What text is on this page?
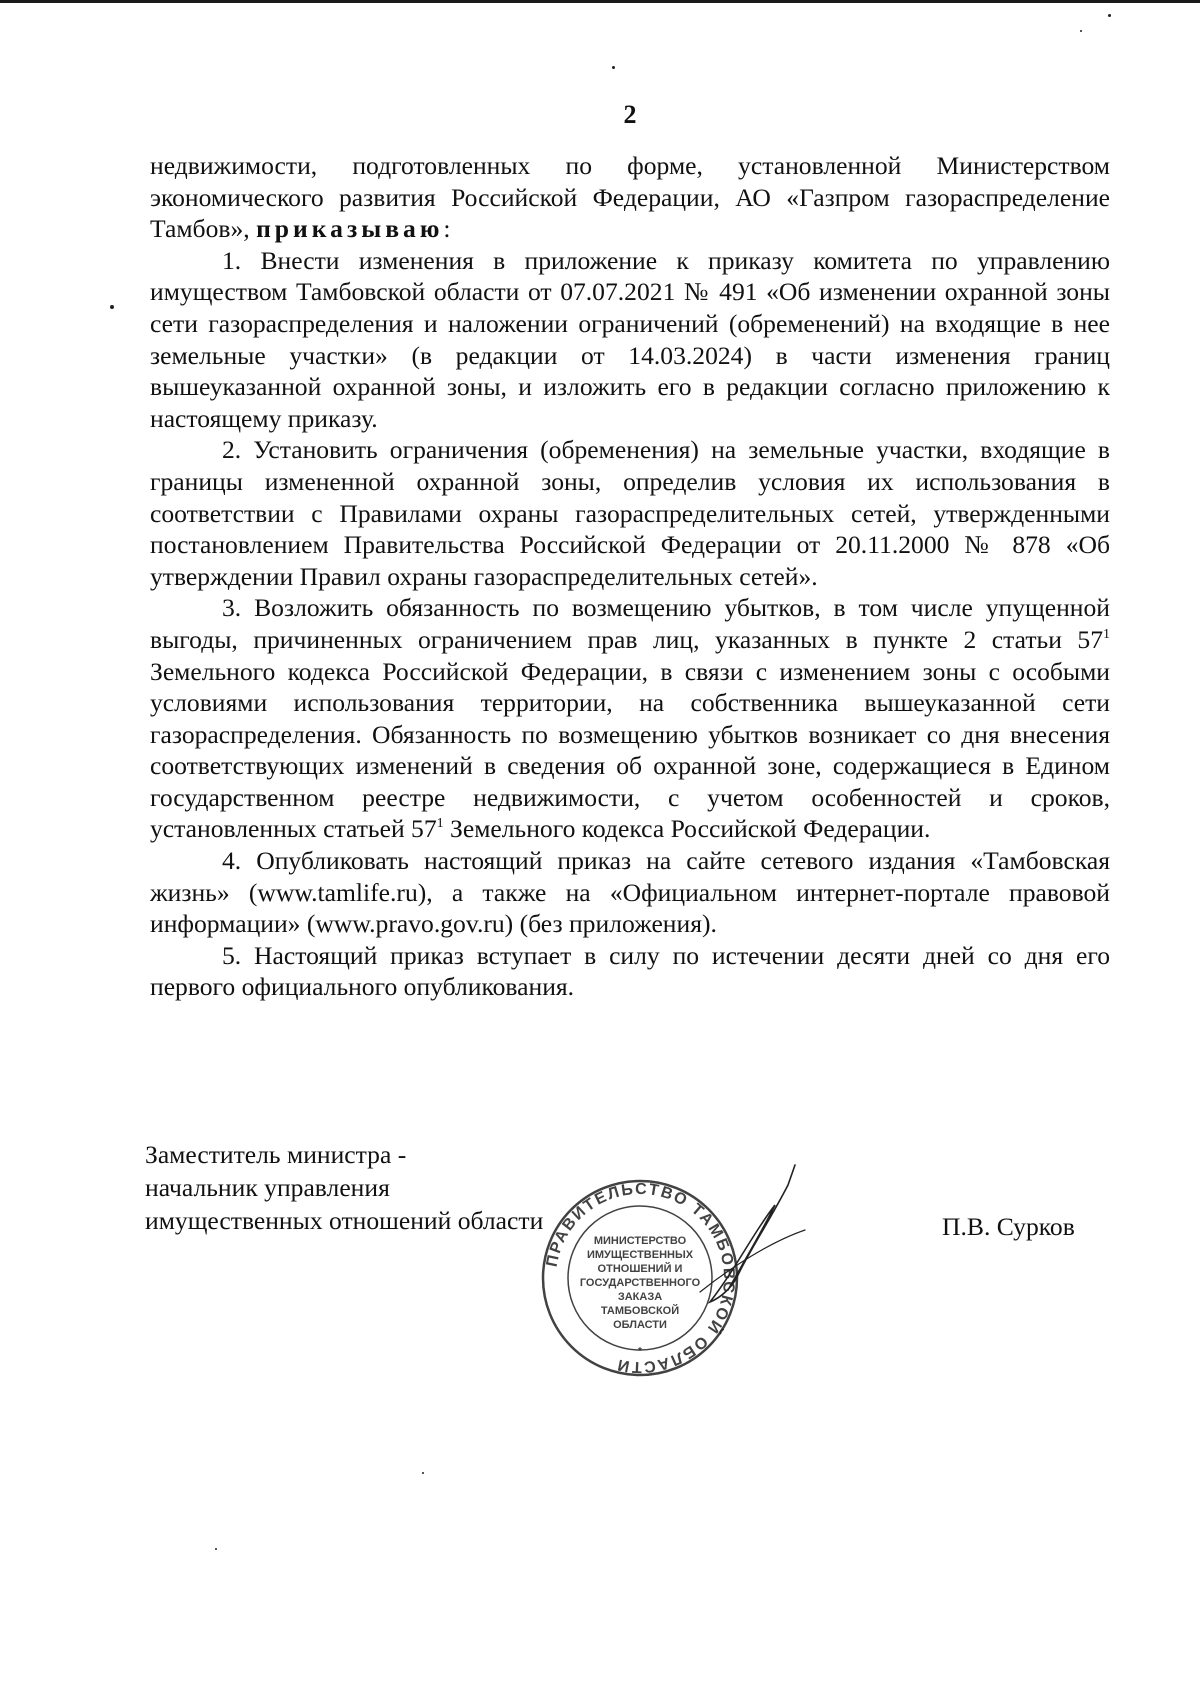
2

недвижимости, подготовленных по форме, установленной Министерством экономического развития Российской Федерации, АО «Газпром газораспределение Тамбов», приказываю:

1. Внести изменения в приложение к приказу комитета по управлению имуществом Тамбовской области от 07.07.2021 № 491 «Об изменении охранной зоны сети газораспределения и наложении ограничений (обременений) на входящие в нее земельные участки» (в редакции от 14.03.2024) в части изменения границ вышеуказанной охранной зоны, и изложить его в редакции согласно приложению к настоящему приказу.

2. Установить ограничения (обременения) на земельные участки, входящие в границы измененной охранной зоны, определив условия их использования в соответствии с Правилами охраны газораспределительных сетей, утвержденными постановлением Правительства Российской Федерации от 20.11.2000 № 878 «Об утверждении Правил охраны газораспределительных сетей».

3. Возложить обязанность по возмещению убытков, в том числе упущенной выгоды, причиненных ограничением прав лиц, указанных в пункте 2 статьи $57^1$ Земельного кодекса Российской Федерации, в связи с изменением зоны с особыми условиями использования территории, на собственника вышеуказанной сети газораспределения. Обязанность по возмещению убытков возникает со дня внесения соответствующих изменений в сведения об охранной зоне, содержащиеся в Едином государственном реестре недвижимости, с учетом особенностей и сроков, установленных статьей $57^1$ Земельного кодекса Российской Федерации.

4. Опубликовать настоящий приказ на сайте сетевого издания «Тамбовская жизнь» (www.tamlife.ru), а также на «Официальном интернет-портале правовой информации» (www.pravo.gov.ru) (без приложения).

5. Настоящий приказ вступает в силу по истечении десяти дней со дня его первого официального опубликования.

Заместитель министра -
начальник управления
имущественных отношений области	П.В. Сурков
ПРАВИТЕЛЬСТВО ТАМБОВСКОЙ ОБЛАСТИ
МИНИСТЕРСТВО
ИМУЩЕСТВЕННЫХ
ОТНОШЕНИЙ И
ГОСУДАРСТВЕННОГО
ЗАКАЗА
ТАМБОВСКОЙ
ОБЛАСТИ
*
